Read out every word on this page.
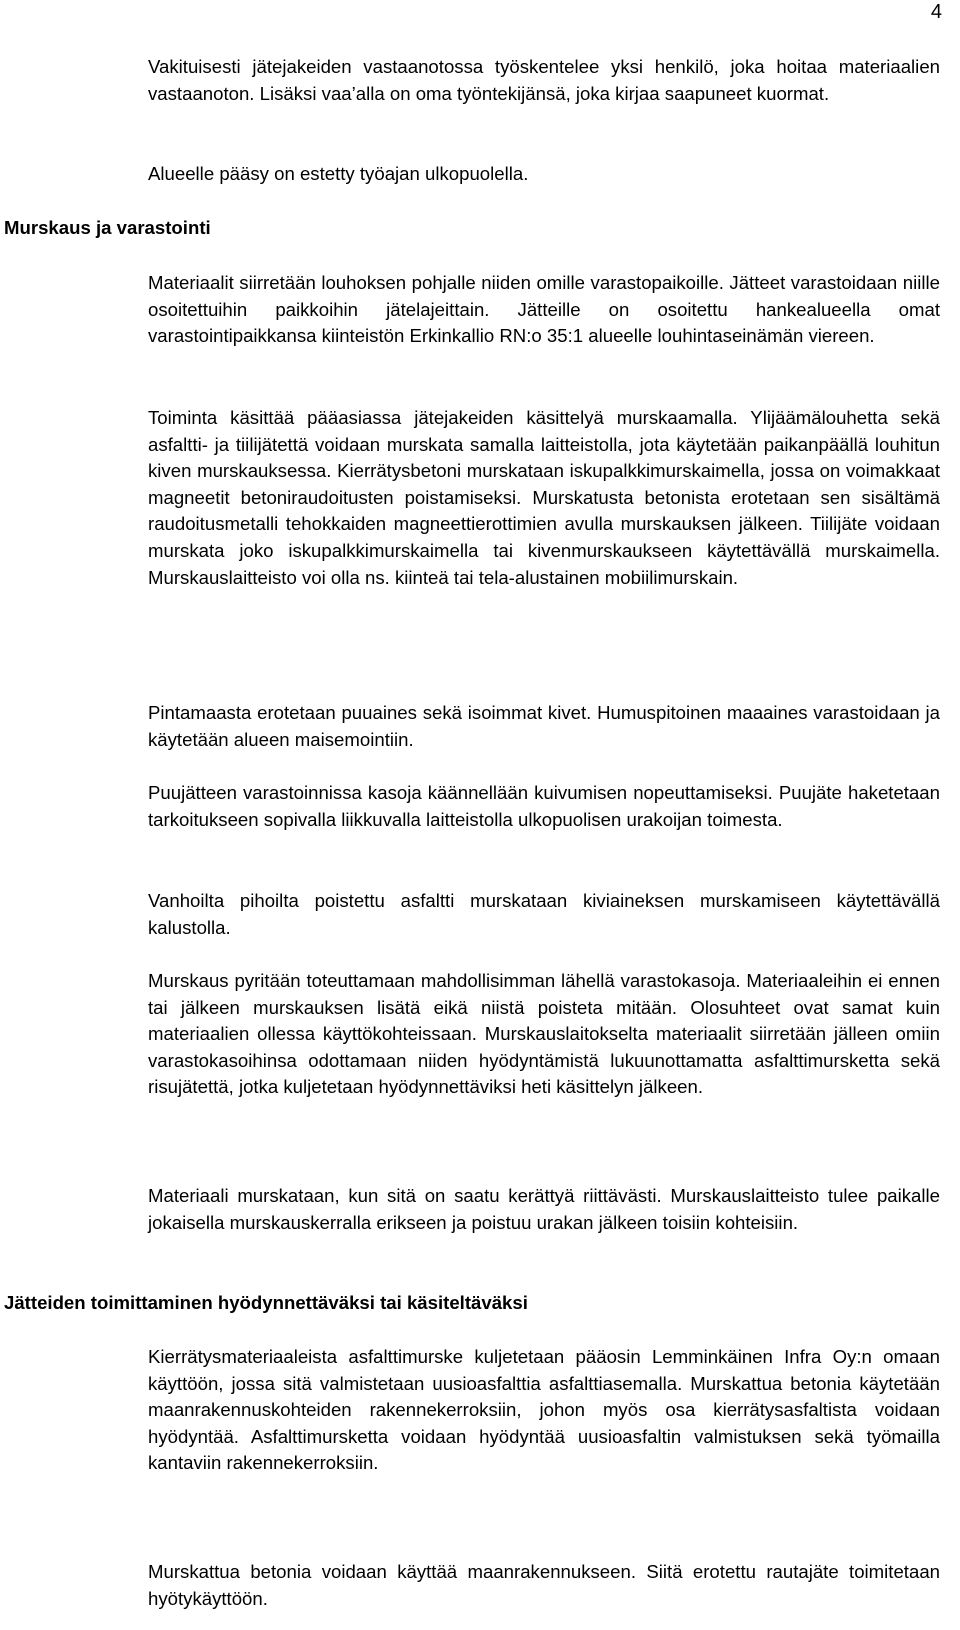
4

Vakituisesti jätejakeiden vastaanotossa työskentelee yksi henkilö, joka hoitaa materiaalien vastaanoton. Lisäksi vaa’alla on oma työntekijänsä, joka kirjaa saapuneet kuormat.

Alueelle pääsy on estetty työajan ulkopuolella.

Murskaus ja varastointi

Materiaalit siirretään louhoksen pohjalle niiden omille varastopaikoille. Jätteet varastoidaan niille osoitettuihin paikkoihin jätelajeittain. Jätteille on osoitettu hankealueella omat varastointipaikkansa kiinteistön Erkinkallio RN:o 35:1 alueelle louhintaseinämän viereen.

Toiminta käsittää pääasiassa jätejakeiden käsittelyä murskaamalla. Ylijäämälouhetta sekä asfaltti- ja tiilijätettä voidaan murskata samalla laitteistolla, jota käytetään paikanpäällä louhitun kiven murskauksessa. Kierrätysbetoni murskataan iskupalkkimurskaimella, jossa on voimakkaat magneetit betoniraudoitusten poistamiseksi. Murskatusta betonista erotetaan sen sisältämä raudoitusmetalli tehokkaiden magneettierottimien avulla murskauksen jälkeen. Tiilijäte voidaan murskata joko iskupalkkimurskaimella tai kivenmurskaukseen käytettävällä murskaimella. Murskauslaitteisto voi olla ns. kiinteä tai tela-alustainen mobiilimurskain.

Pintamaasta erotetaan puuaines sekä isoimmat kivet. Humuspitoinen maaaines varastoidaan ja käytetään alueen maisemointiin.

Puujätteen varastoinnissa kasoja käännellään kuivumisen nopeuttamiseksi. Puujäte haketetaan tarkoitukseen sopivalla liikkuvalla laitteistolla ulkopuolisen urakoijan toimesta.

Vanhoilta pihoilta poistettu asfaltti murskataan kiviaineksen murskamiseen käytettävällä kalustolla.

Murskaus pyritään toteuttamaan mahdollisimman lähellä varastokasoja. Materiaaleihin ei ennen tai jälkeen murskauksen lisätä eikä niistä poisteta mitään. Olosuhteet ovat samat kuin materiaalien ollessa käyttökohteissaan. Murskauslaitokselta materiaalit siirretään jälleen omiin varastokasoihinsa odottamaan niiden hyödyntämistä lukuunottamatta asfalttimursketta sekä risujätettä, jotka kuljetetaan hyödynnettäviksi heti käsittelyn jälkeen.

Materiaali murskataan, kun sitä on saatu kerättyä riittävästi. Murskauslaitteisto tulee paikalle jokaisella murskauskerralla erikseen ja poistuu urakan jälkeen toisiin kohteisiin.

Jätteiden toimittaminen hyödynnettäväksi tai käsiteltäväksi

Kierrätysmateriaaleista asfalttimurske kuljetetaan pääosin Lemminkäinen Infra Oy:n omaan käyttöön, jossa sitä valmistetaan uusioasfalttia asfalttiasemalla. Murskattua betonia käytetään maanrakennuskohteiden rakennekerroksiin, johon myös osa kierrätysasfaltista voidaan hyödyntää. Asfalttimursketta voidaan hyödyntää uusioasfaltin valmistuksen sekä työmailla kantaviin rakennekerroksiin.

Murskattua betonia voidaan käyttää maanrakennukseen. Siitä erotettu rautajäte toimitetaan hyötykäyttöön.
